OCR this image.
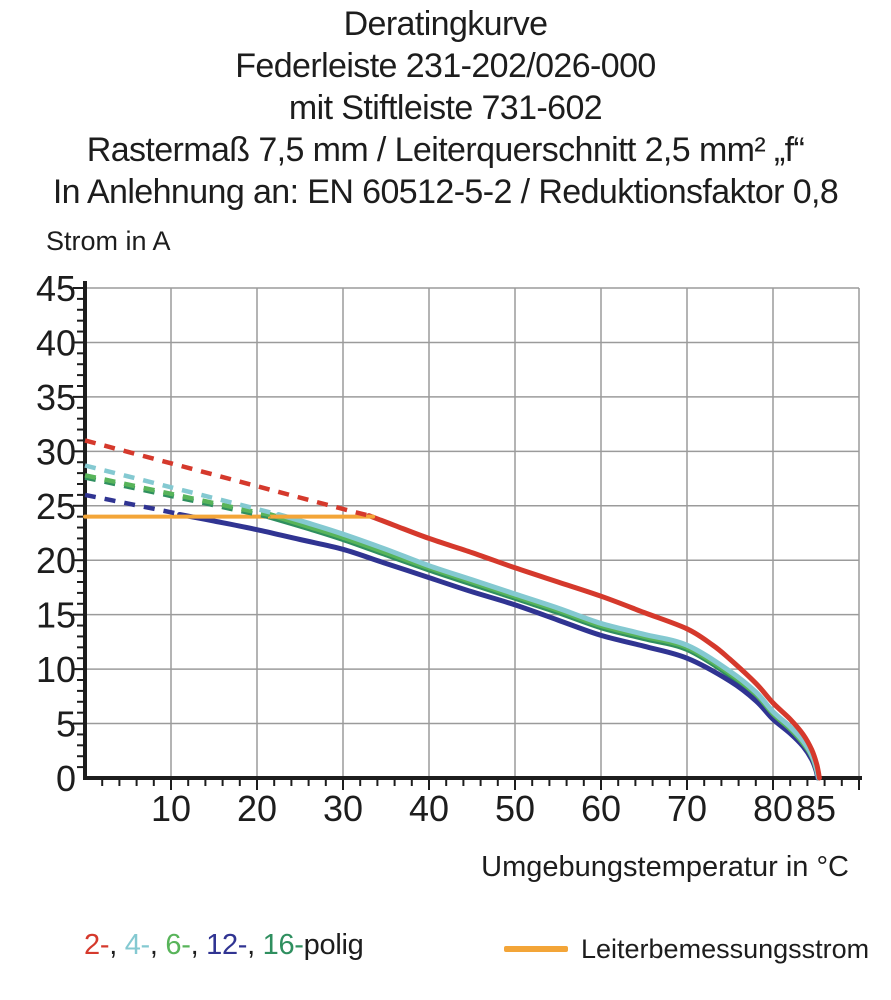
Deratingkurve
Federleiste 231-202/026-000
mit Stiftleiste 731-602
Rastermaß 7,5 mm / Leiterquerschnitt 2,5 mm² „f“
In Anlehnung an: EN 60512-5-2 / Reduktionsfaktor 0,8
Strom in A
10 20 30 40 50 60 70 80 85
0
5
10
15
20
25
30
35
40
45
Umgebungstemperatur in °C
2-, 4-, 6-, 12-, 16-polig	Leiterbemessungsstrom
